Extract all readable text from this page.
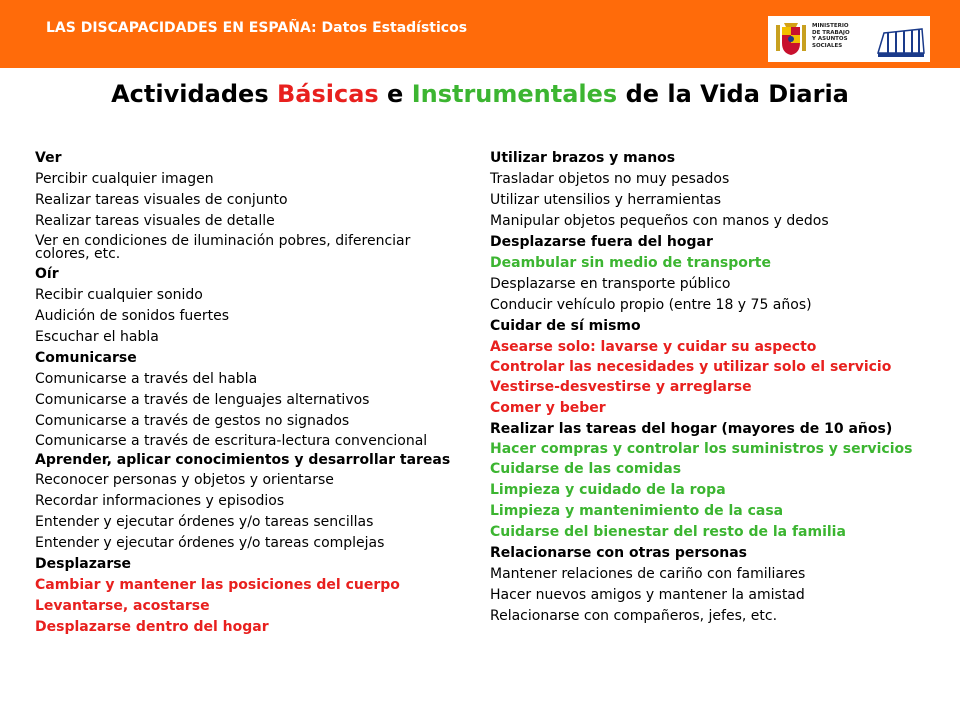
LAS DISCAPACIDADES EN ESPAÑA: Datos Estadísticos	MINISTERIO
DE TRABAJO
Y ASUNTOS SOCIALES
Actividades Básicas e Instrumentales de la Vida Diaria
Ver
Percibir cualquier imagen
Realizar tareas visuales de conjunto
Realizar tareas visuales de detalle
Ver en condiciones de iluminación pobres, diferenciar colores, etc.
Oír
Recibir cualquier sonido
Audición de sonidos fuertes
Escuchar el habla
Comunicarse
Comunicarse a través del habla
Comunicarse a través de lenguajes alternativos
Comunicarse a través de gestos no signados
Comunicarse a través de escritura-lectura convencional
Aprender, aplicar conocimientos y desarrollar tareas
Reconocer personas y objetos y orientarse
Recordar informaciones y episodios
Entender y ejecutar órdenes y/o tareas sencillas
Entender y ejecutar órdenes y/o tareas complejas
Desplazarse
Cambiar y mantener las posiciones del cuerpo
Levantarse, acostarse
Desplazarse dentro del hogar
Utilizar brazos y manos
Trasladar objetos no muy pesados
Utilizar utensilios y herramientas
Manipular objetos pequeños con manos y dedos
Desplazarse fuera del hogar
Deambular sin medio de transporte
Desplazarse en transporte público
Conducir vehículo propio (entre 18 y 75 años)
Cuidar de sí mismo
Asearse solo: lavarse y cuidar su aspecto
Controlar las necesidades y utilizar solo el servicio
Vestirse-desvestirse y arreglarse
Comer y beber
Realizar las tareas del hogar (mayores de 10 años)
Hacer compras y controlar los suministros y servicios
Cuidarse de las comidas
Limpieza y cuidado de la ropa
Limpieza y mantenimiento de la casa
Cuidarse del bienestar del resto de la familia
Relacionarse con otras personas
Mantener relaciones de cariño con familiares
Hacer nuevos amigos y mantener la amistad
Relacionarse con compañeros, jefes, etc.
